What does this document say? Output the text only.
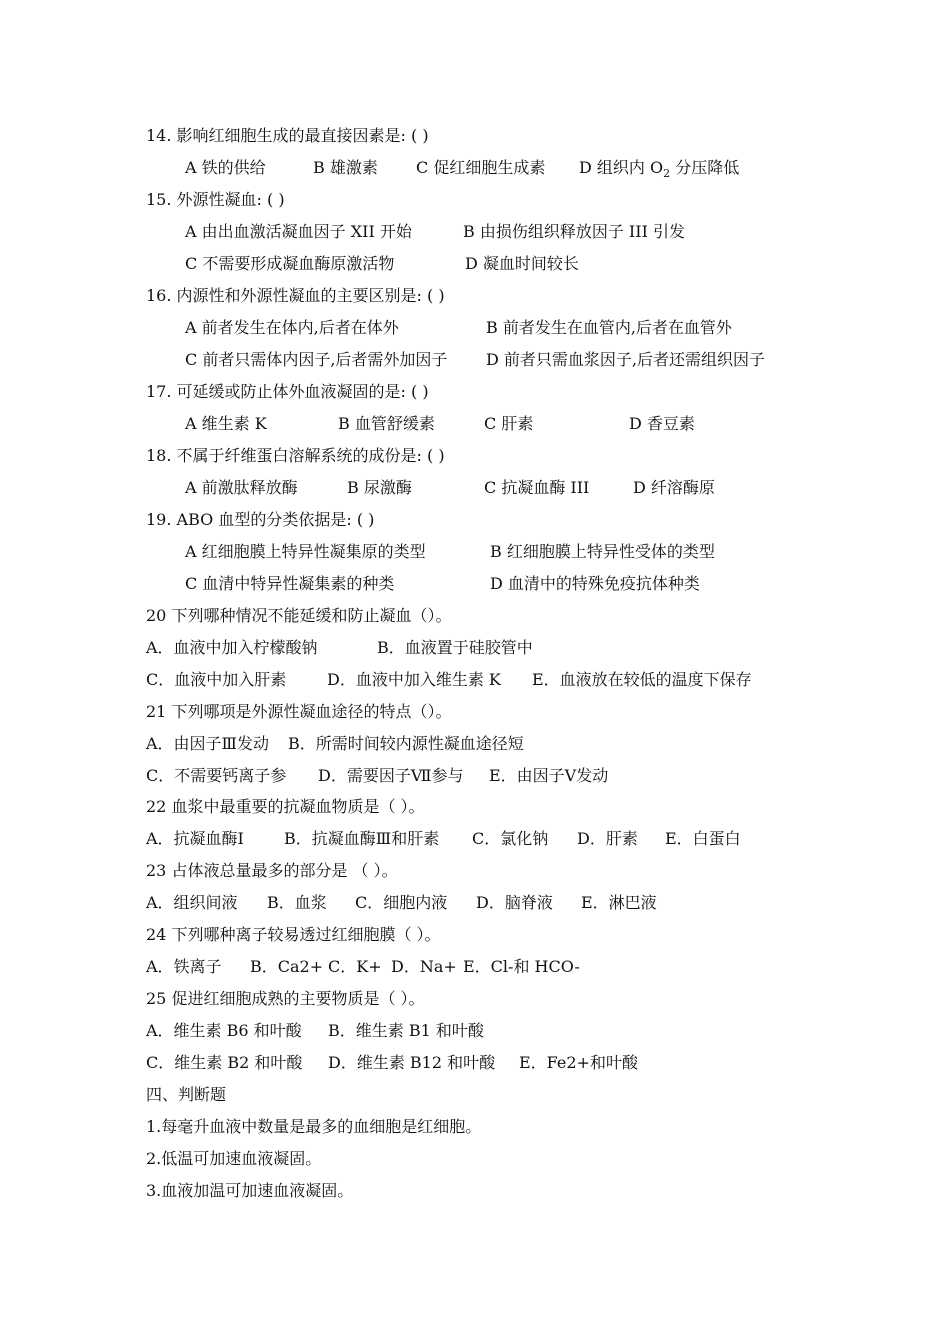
14. 影响红细胞生成的最直接因素是: ( )
A 铁的供给	B 雄激素 C 促红细胞生成素 D 组织内 $O_2$ 分压降低
15. 外源性凝血: ( )
A 由出血激活凝血因子 XII 开始	B 由损伤组织释放因子 III 引发
C 不需要形成凝血酶原激活物	D 凝血时间较长
16. 内源性和外源性凝血的主要区别是: ( )
A 前者发生在体内,后者在体外	B 前者发生在血管内,后者在血管外
C 前者只需体内因子,后者需外加因子 D 前者只需血浆因子,后者还需组织因子
17. 可延缓或防止体外血液凝固的是: ( )
A 维生素 K	B 血管舒缓素	C 肝素	D 香豆素
18. 不属于纤维蛋白溶解系统的成份是: ( )
A 前激肽释放酶	B 尿激酶	C 抗凝血酶 III	D 纤溶酶原
19. ABO 血型的分类依据是: ( )
A 红细胞膜上特异性凝集原的类型	B 红细胞膜上特异性受体的类型
C 血清中特异性凝集素的种类	D 血清中的特殊免疫抗体种类
20 下列哪种情况不能延缓和防止凝血（）。
A．血液中加入柠檬酸钠	B．血液置于硅胶管中
C．血液中加入肝素	D．血液中加入维生素 K E．血液放在较低的温度下保存
21 下列哪项是外源性凝血途径的特点（）。
A．由因子Ⅲ发动 B．所需时间较内源性凝血途径短
C．不需要钙离子参 D．需要因子Ⅶ参与 E．由因子Ⅴ发动
22 血浆中最重要的抗凝血物质是（ ）。
A．抗凝血酶Ⅰ	B．抗凝血酶Ⅲ和肝素 C．氯化钠 D．肝素 E．白蛋白
23 占体液总量最多的部分是 （ ）。
A．组织间液 B．血浆 C．细胞内液 D．脑脊液 E．淋巴液
24 下列哪种离子较易透过红细胞膜（ ）。
A．铁离子 B．Ca2+ C．K+ D．Na+ E．Cl-和 HCO-
25 促进红细胞成熟的主要物质是（ ）。
A．维生素 B6 和叶酸 B．维生素 B1 和叶酸
C．维生素 B2 和叶酸 D．维生素 B12 和叶酸 E．Fe2+和叶酸
四、判断题
1.每毫升血液中数量是最多的血细胞是红细胞。
2.低温可加速血液凝固。
3.血液加温可加速血液凝固。
